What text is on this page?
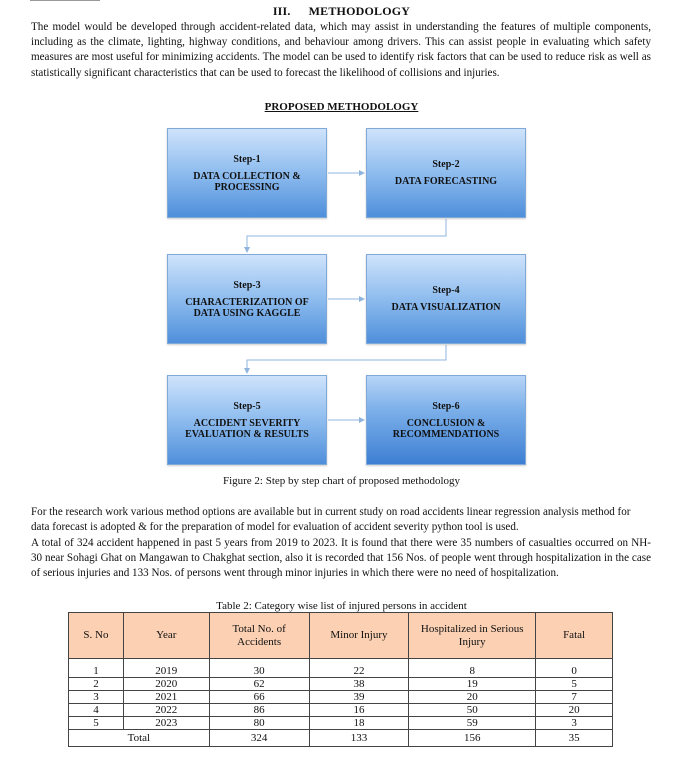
III. METHODOLOGY

The model would be developed through accident-related data, which may assist in understanding the features of multiple components, including as the climate, lighting, highway conditions, and behaviour among drivers. This can assist people in evaluating which safety measures are most useful for minimizing accidents. The model can be used to identify risk factors that can be used to reduce risk as well as statistically significant characteristics that can be used to forecast the likelihood of collisions and injuries.

PROPOSED METHODOLOGY
Step-1
DATA COLLECTION & PROCESSING
Step-2
DATA FORECASTING
Step-3
CHARACTERIZATION OF DATA USING KAGGLE
Step-4
DATA VISUALIZATION
Step-5
ACCIDENT SEVERITY EVALUATION & RESULTS
Step-6
CONCLUSION & RECOMMENDATIONS
Figure 2: Step by step chart of proposed methodology

For the research work various method options are available but in current study on road accidents linear regression analysis method for data forecast is adopted & for the preparation of model for evaluation of accident severity python tool is used.

A total of 324 accident happened in past 5 years from 2019 to 2023. It is found that there were 35 numbers of casualties occurred on NH-30 near Sohagi Ghat on Mangawan to Chakghat section, also it is recorded that 156 Nos. of people went through hospitalization in the case of serious injuries and 133 Nos. of persons went through minor injuries in which there were no need of hospitalization.

Table 2: Category wise list of injured persons in accident
S. No	Year	Total No. of Accidents	Minor Injury	Hospitalized in Serious Injury	Fatal

1	2019	30	22	8	0
2	2020	62	38	19	5
3	2021	66	39	20	7
4	2022	86	16	50	20
5	2023	80	18	59	3
Total		324	133	156	35
